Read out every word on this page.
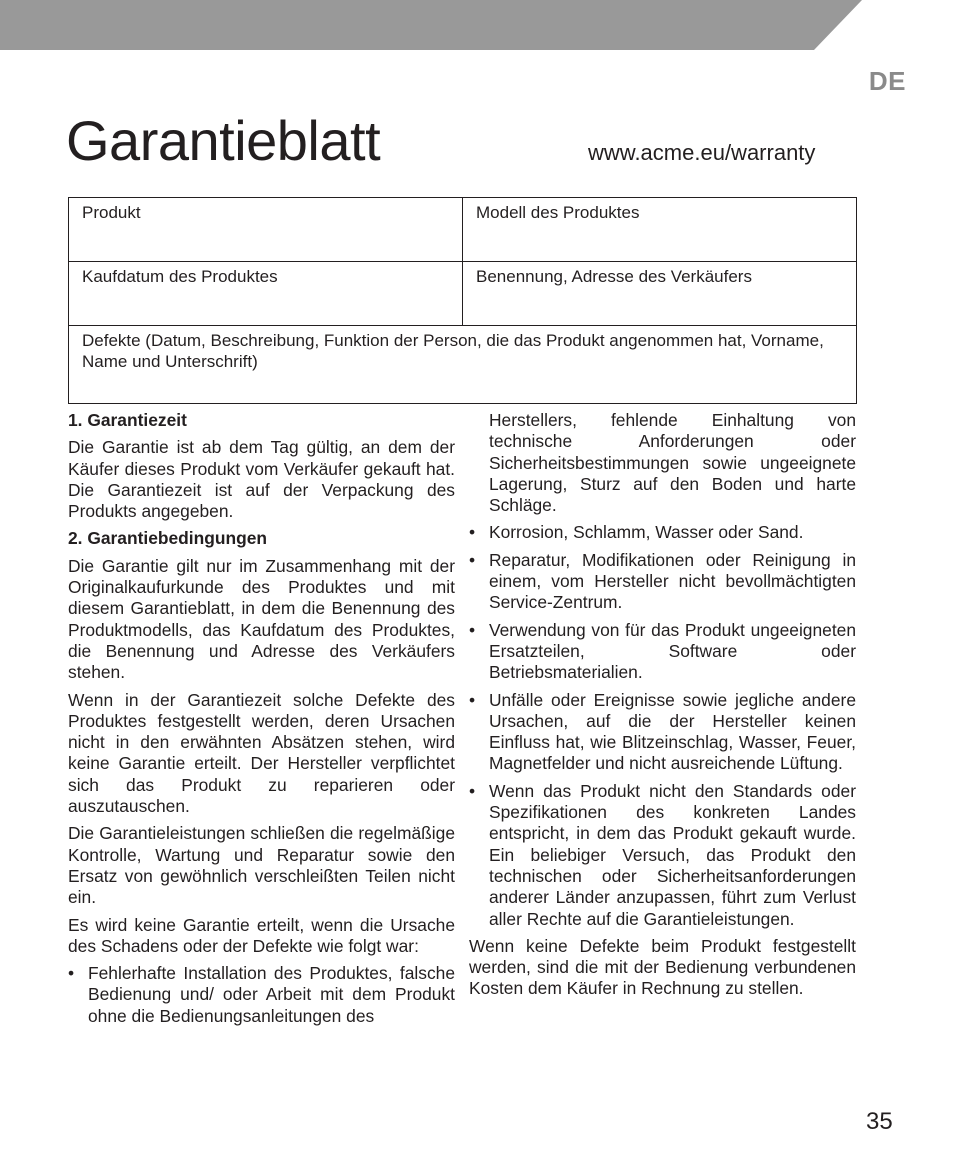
DE
Garantieblatt	www.acme.eu/warranty
Produkt	Modell des Produktes
Kaufdatum des Produktes	Benennung, Adresse des Verkäufers
Defekte (Datum, Beschreibung, Funktion der Person, die das Produkt angenommen hat, Vorname, Name und Unterschrift)	
1. Garantiezeit

Die Garantie ist ab dem Tag gültig, an dem der Käufer dieses Produkt vom Verkäufer gekauft hat. Die Garantiezeit ist auf der Verpackung des Produkts angegeben.

2. Garantiebedingungen

Die Garantie gilt nur im Zusammenhang mit der Originalkaufurkunde des Produktes und mit diesem Garantieblatt, in dem die Benennung des Produktmodells, das Kaufdatum des Produktes, die Benennung und Adresse des Verkäufers stehen.

Wenn in der Garantiezeit solche Defekte des Produktes festgestellt werden, deren Ursachen nicht in den erwähnten Absätzen stehen, wird keine Garantie erteilt. Der Hersteller verpflichtet sich das Produkt zu reparieren oder auszutauschen.

Die Garantieleistungen schließen die regelmäßige Kontrolle, Wartung und Reparatur sowie den Ersatz von gewöhnlich verschleißten Teilen nicht ein.

Es wird keine Garantie erteilt, wenn die Ursache des Schadens oder der Defekte wie folgt war:

• Fehlerhafte Installation des Produktes, falsche Bedienung und/ oder Arbeit mit dem Produkt ohne die Bedienungsanleitungen des
Herstellers, fehlende Einhaltung von technische Anforderungen oder Sicherheitsbestimmungen sowie ungeeignete Lagerung, Sturz auf den Boden und harte Schläge.
• Korrosion, Schlamm, Wasser oder Sand.
• Reparatur, Modifikationen oder Reinigung in einem, vom Hersteller nicht bevollmächtigten Service-Zentrum.
• Verwendung von für das Produkt ungeeigneten Ersatzteilen, Software oder Betriebsmaterialien.
• Unfälle oder Ereignisse sowie jegliche andere Ursachen, auf die der Hersteller keinen Einfluss hat, wie Blitzeinschlag, Wasser, Feuer, Magnetfelder und nicht ausreichende Lüftung.
• Wenn das Produkt nicht den Standards oder Spezifikationen des konkreten Landes entspricht, in dem das Produkt gekauft wurde. Ein beliebiger Versuch, das Produkt den technischen oder Sicherheitsanforderungen anderer Länder anzupassen, führt zum Verlust aller Rechte auf die Garantieleistungen.

Wenn keine Defekte beim Produkt festgestellt werden, sind die mit der Bedienung verbundenen Kosten dem Käufer in Rechnung zu stellen.

35
